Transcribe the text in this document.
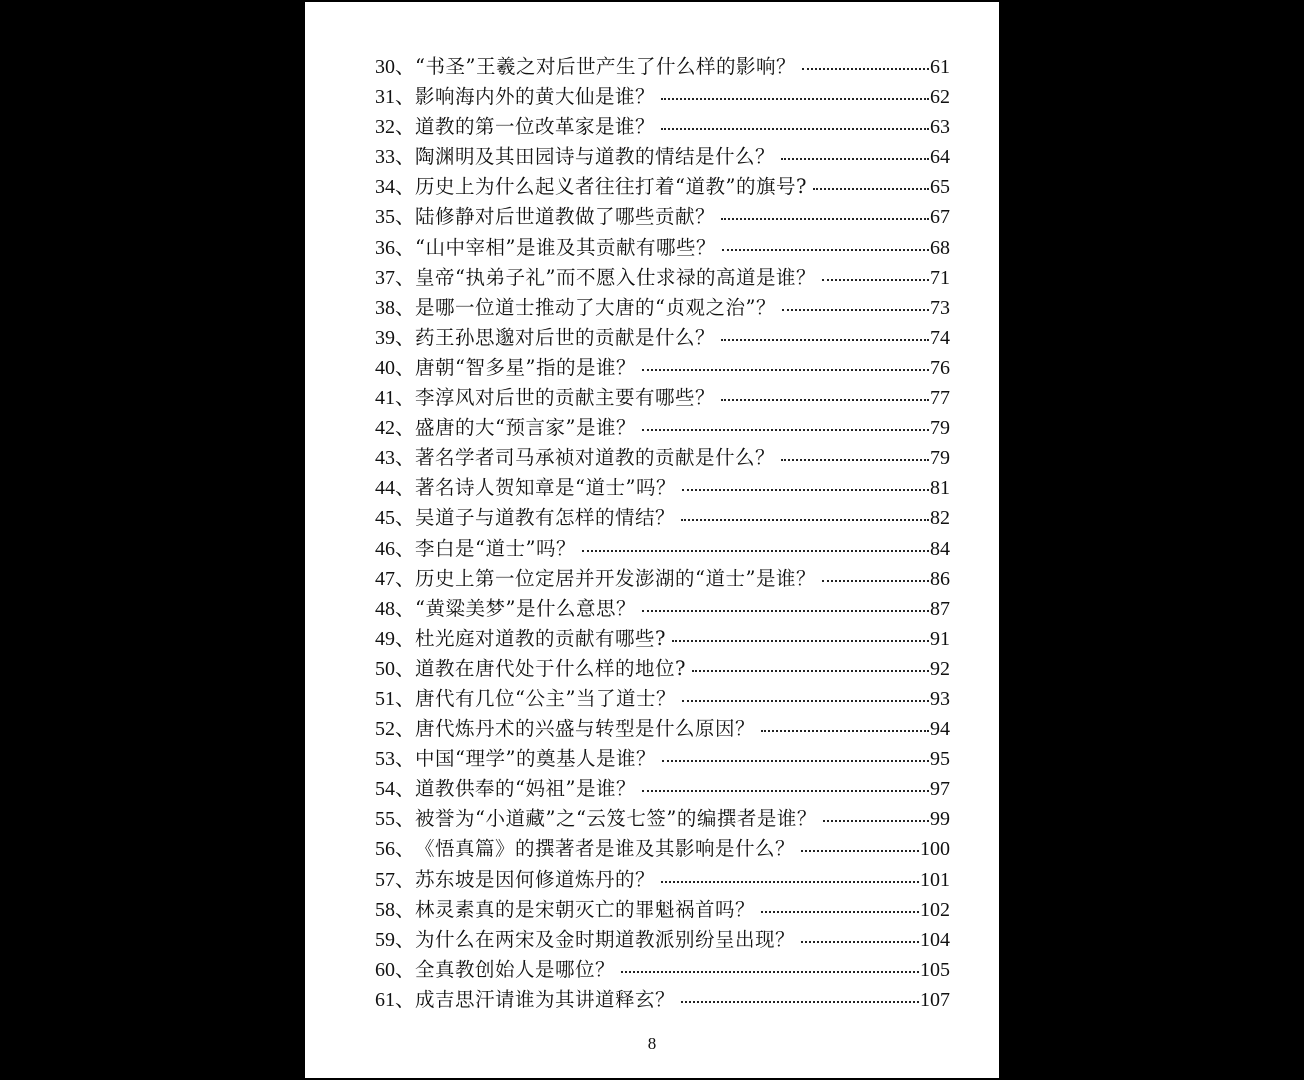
30、 “书圣”王羲之对后世产生了什么样的影响？	61
31、 影响海内外的黄大仙是谁？	62
32、 道教的第一位改革家是谁？	63
33、 陶渊明及其田园诗与道教的情结是什么？	64
34、 历史上为什么起义者往往打着“道教”的旗号?	65
35、 陆修静对后世道教做了哪些贡献？	67
36、 “山中宰相”是谁及其贡献有哪些？	68
37、 皇帝“执弟子礼”而不愿入仕求禄的高道是谁？	71
38、 是哪一位道士推动了大唐的“贞观之治”？	73
39、 药王孙思邈对后世的贡献是什么？	74
40、 唐朝“智多星”指的是谁？	76
41、 李淳风对后世的贡献主要有哪些？	77
42、 盛唐的大“预言家”是谁？	79
43、 著名学者司马承祯对道教的贡献是什么？	79
44、 著名诗人贺知章是“道士”吗？	81
45、 吴道子与道教有怎样的情结？	82
46、 李白是“道士”吗？	84
47、 历史上第一位定居并开发澎湖的“道士”是谁？	86
48、 “黄粱美梦”是什么意思？	87
49、 杜光庭对道教的贡献有哪些?	91
50、 道教在唐代处于什么样的地位?	92
51、 唐代有几位“公主”当了道士？	93
52、 唐代炼丹术的兴盛与转型是什么原因？	94
53、 中国“理学”的奠基人是谁？	95
54、 道教供奉的“妈祖”是谁？	97
55、 被誉为“小道藏”之“云笈七签”的编撰者是谁？	99
56、 《悟真篇》的撰著者是谁及其影响是什么？	100
57、 苏东坡是因何修道炼丹的？	101
58、 林灵素真的是宋朝灭亡的罪魁祸首吗？	102
59、 为什么在两宋及金时期道教派别纷呈出现？	104
60、 全真教创始人是哪位？	105
61、 成吉思汗请谁为其讲道释玄？	107
8
